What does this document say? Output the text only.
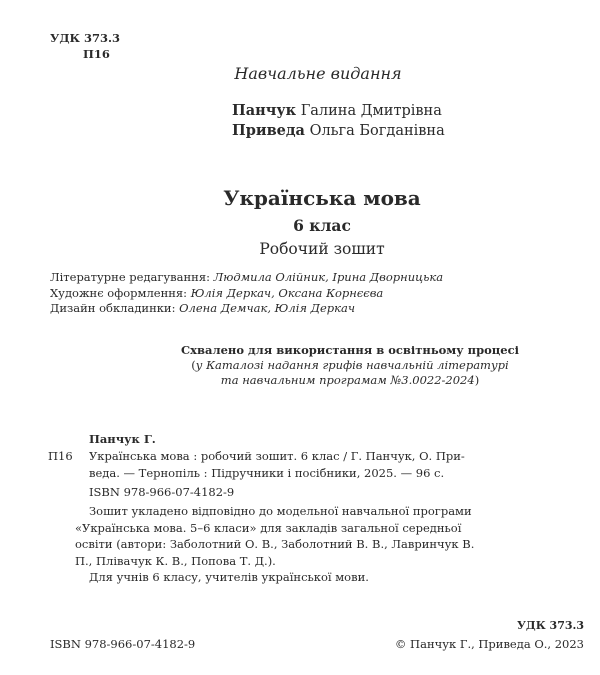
УДК 373.3
П16
Навчальне видання
Панчук Галина Дмитрівна
Приведа Ольга Богданівна
Українська мова
6 клас
Робочий зошит
Літературне редагування: Людмила Олійник, Ірина Дворницька
Художнє оформлення: Юлія Деркач, Оксана Корнєєва
Дизайн обкладинки: Олена Демчак, Юлія Деркач
Схвалено для використання в освітньому процесі
(у Каталозі надання грифів навчальній літературі
та навчальним програмам №3.0022-2024)
Панчук Г.
П16 Українська мова : робочий зошит. 6 клас / Г. Панчук, О. При-
веда. — Тернопіль : Підручники і посібники, 2025. — 96 с.
ISBN 978-966-07-4182-9
Зошит укладено відповідно до модельної навчальної програми
«Українська мова. 5–6 класи» для закладів загальної середньої
освіти (автори: Заболотний О. В., Заболотний В. В., Лавринчук В.
П., Плівачук К. В., Попова Т. Д.).
Для учнів 6 класу, учителів української мови.
УДК 373.3
ISBN 978-966-07-4182-9	© Панчук Г., Приведа О., 2023
